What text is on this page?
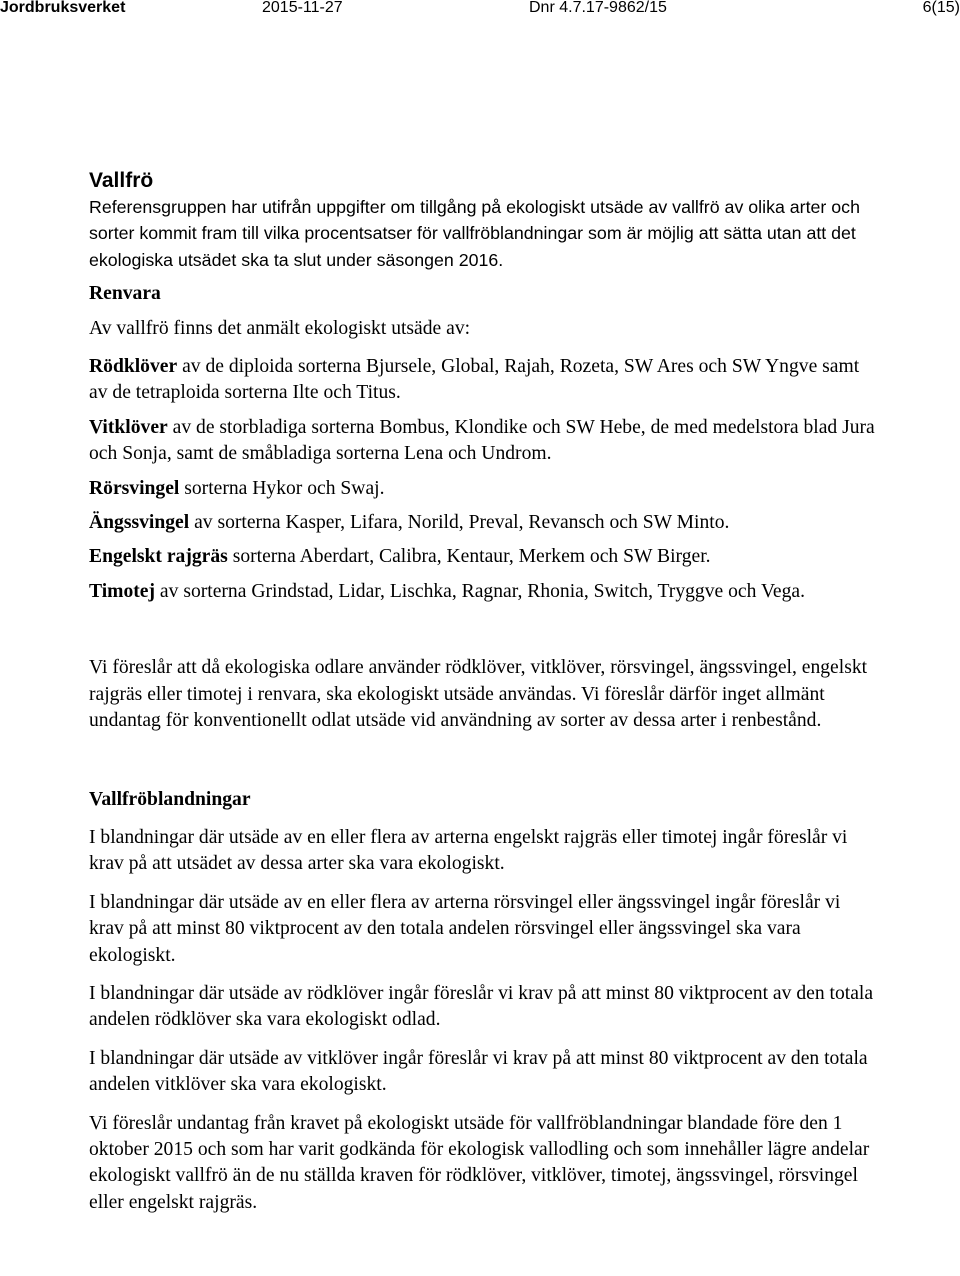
Jordbruksverket	2015-11-27	Dnr 4.7.17-9862/15	6(15)

Vallfrö

Referensgruppen har utifrån uppgifter om tillgång på ekologiskt utsäde av vallfrö av olika arter och sorter kommit fram till vilka procentsatser för vallfröblandningar som är möjlig att sätta utan att det ekologiska utsädet ska ta slut under säsongen 2016.

Renvara

Av vallfrö finns det anmält ekologiskt utsäde av:

Rödklöver av de diploida sorterna Bjursele, Global, Rajah, Rozeta, SW Ares och SW Yngve samt av de tetraploida sorterna Ilte och Titus.

Vitklöver av de storbladiga sorterna Bombus, Klondike och SW Hebe, de med medelstora blad Jura och Sonja, samt de småbladiga sorterna Lena och Undrom.

Rörsvingel sorterna Hykor och Swaj.

Ängssvingel av sorterna Kasper, Lifara, Norild, Preval, Revansch och SW Minto.

Engelskt rajgräs sorterna Aberdart, Calibra, Kentaur, Merkem och SW Birger.

Timotej av sorterna Grindstad, Lidar, Lischka, Ragnar, Rhonia, Switch, Tryggve och Vega.

Vi föreslår att då ekologiska odlare använder rödklöver, vitklöver, rörsvingel, ängssvingel, engelskt rajgräs eller timotej i renvara, ska ekologiskt utsäde användas. Vi föreslår därför inget allmänt undantag för konventionellt odlat utsäde vid användning av sorter av dessa arter i renbestånd.

Vallfröblandningar

I blandningar där utsäde av en eller flera av arterna engelskt rajgräs eller timotej ingår föreslår vi krav på att utsädet av dessa arter ska vara ekologiskt.

I blandningar där utsäde av en eller flera av arterna rörsvingel eller ängssvingel ingår föreslår vi krav på att minst 80 viktprocent av den totala andelen rörsvingel eller ängssvingel ska vara ekologiskt.

I blandningar där utsäde av rödklöver ingår föreslår vi krav på att minst 80 viktprocent av den totala andelen rödklöver ska vara ekologiskt odlad.

I blandningar där utsäde av vitklöver ingår föreslår vi krav på att minst 80 viktprocent av den totala andelen vitklöver ska vara ekologiskt.

Vi föreslår undantag från kravet på ekologiskt utsäde för vallfröblandningar blandade före den 1 oktober 2015 och som har varit godkända för ekologisk vallodling och som innehåller lägre andelar ekologiskt vallfrö än de nu ställda kraven för rödklöver, vitklöver, timotej, ängssvingel, rörsvingel eller engelskt rajgräs.
